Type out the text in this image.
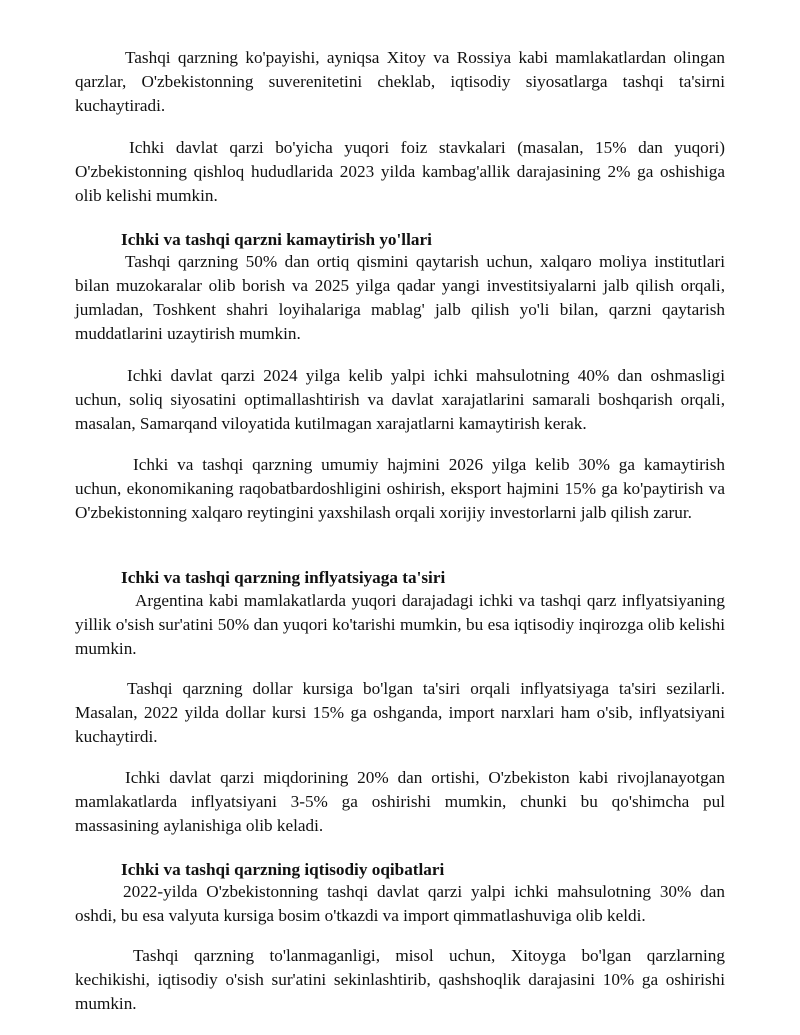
Tashqi qarzning ko'payishi, ayniqsa Xitoy va Rossiya kabi mamlakatlardan olingan qarzlar, O'zbekistonning suverenitetini cheklab, iqtisodiy siyosatlarga tashqi ta'sirni kuchaytiradi.

Ichki davlat qarzi bo'yicha yuqori foiz stavkalari (masalan, 15% dan yuqori) O'zbekistonning qishloq hududlarida 2023 yilda kambag'allik darajasining 2% ga oshishiga olib kelishi mumkin.

Ichki va tashqi qarzni kamaytirish yo'llari

Tashqi qarzning 50% dan ortiq qismini qaytarish uchun, xalqaro moliya institutlari bilan muzokaralar olib borish va 2025 yilga qadar yangi investitsiyalarni jalb qilish orqali, jumladan, Toshkent shahri loyihalariga mablag' jalb qilish yo'li bilan, qarzni qaytarish muddatlarini uzaytirish mumkin.

Ichki davlat qarzi 2024 yilga kelib yalpi ichki mahsulotning 40% dan oshmasligi uchun, soliq siyosatini optimallashtirish va davlat xarajatlarini samarali boshqarish orqali, masalan, Samarqand viloyatida kutilmagan xarajatlarni kamaytirish kerak.

Ichki va tashqi qarzning umumiy hajmini 2026 yilga kelib 30% ga kamaytirish uchun, ekonomikaning raqobatbardoshligini oshirish, eksport hajmini 15% ga ko'paytirish va O'zbekistonning xalqaro reytingini yaxshilash orqali xorijiy investorlarni jalb qilish zarur.

Ichki va tashqi qarzning inflyatsiyaga ta'siri

Argentina kabi mamlakatlarda yuqori darajadagi ichki va tashqi qarz inflyatsiyaning yillik o'sish sur'atini 50% dan yuqori ko'tarishi mumkin, bu esa iqtisodiy inqirozga olib kelishi mumkin.

Tashqi qarzning dollar kursiga bo'lgan ta'siri orqali inflyatsiyaga ta'siri sezilarli. Masalan, 2022 yilda dollar kursi 15% ga oshganda, import narxlari ham o'sib, inflyatsiyani kuchaytirdi.

Ichki davlat qarzi miqdorining 20% dan ortishi, O'zbekiston kabi rivojlanayotgan mamlakatlarda inflyatsiyani 3-5% ga oshirishi mumkin, chunki bu qo'shimcha pul massasining aylanishiga olib keladi.

Ichki va tashqi qarzning iqtisodiy oqibatlari

2022-yilda O'zbekistonning tashqi davlat qarzi yalpi ichki mahsulotning 30% dan oshdi, bu esa valyuta kursiga bosim o'tkazdi va import qimmatlashuviga olib keldi.

Tashqi qarzning to'lanmaganligi, misol uchun, Xitoyga bo'lgan qarzlarning kechikishi, iqtisodiy o'sish sur'atini sekinlashtirib, qashshoqlik darajasini 10% ga oshirishi mumkin.
